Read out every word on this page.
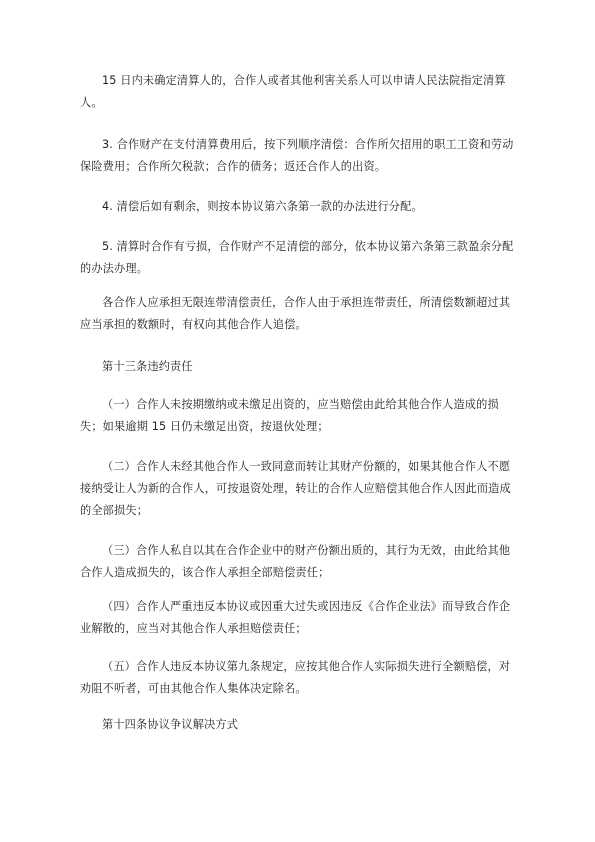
15 日内未确定清算人的，合作人或者其他利害关系人可以申请人民法院指定清算人。

3. 合作财产在支付清算费用后，按下列顺序清偿：合作所欠招用的职工工资和劳动保险费用；合作所欠税款；合作的债务；返还合作人的出资。

4. 清偿后如有剩余，则按本协议第六条第一款的办法进行分配。

5. 清算时合作有亏损，合作财产不足清偿的部分，依本协议第六条第三款盈余分配的办法办理。

各合作人应承担无限连带清偿责任，合作人由于承担连带责任，所清偿数额超过其应当承担的数额时，有权向其他合作人追偿。

第十三条违约责任

（一）合作人未按期缴纳或未缴足出资的，应当赔偿由此给其他合作人造成的损失；如果逾期 15 日仍未缴足出资，按退伙处理；

（二）合作人未经其他合作人一致同意而转让其财产份额的，如果其他合作人不愿接纳受让人为新的合作人，可按退资处理，转让的合作人应赔偿其他合作人因此而造成的全部损失；

（三）合作人私自以其在合作企业中的财产份额出质的，其行为无效，由此给其他合作人造成损失的，该合作人承担全部赔偿责任；

（四）合作人严重违反本协议或因重大过失或因违反《合作企业法》而导致合作企业解散的，应当对其他合作人承担赔偿责任；

（五）合作人违反本协议第九条规定，应按其他合作人实际损失进行全额赔偿，对劝阻不听者，可由其他合作人集体决定除名。

第十四条协议争议解决方式
